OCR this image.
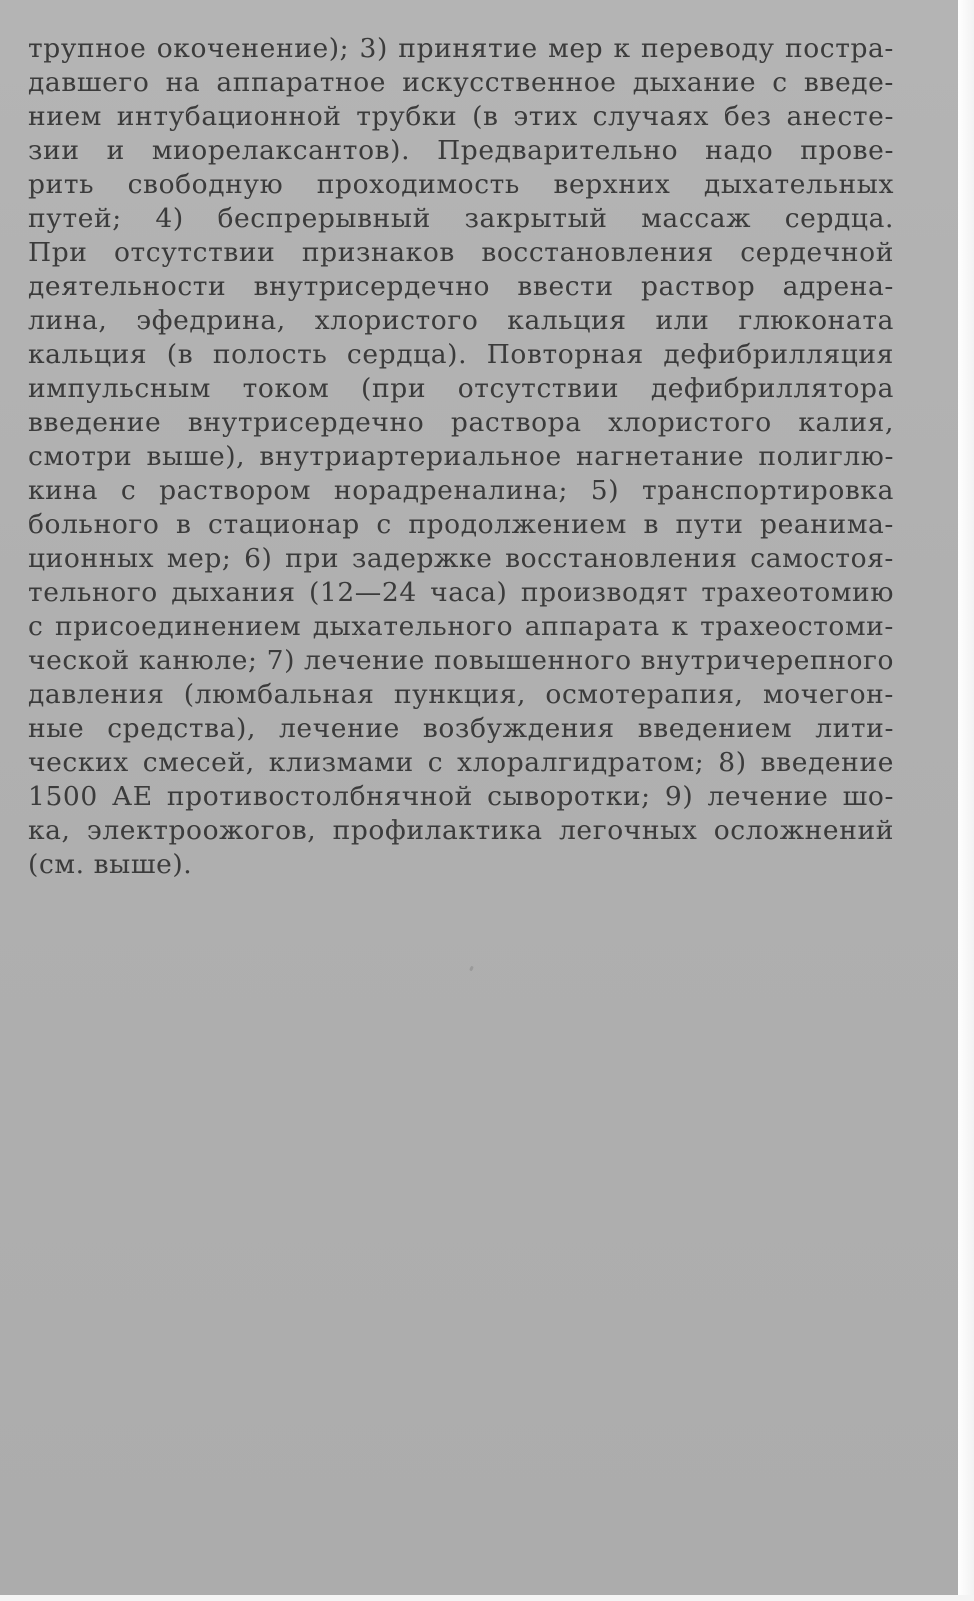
трупное окоченение); 3) принятие мер к переводу постра-
давшего на аппаратное искусственное дыхание с введе-
нием интубационной трубки (в этих случаях без анесте-
зии и миорелаксантов). Предварительно надо прове-
рить свободную проходимость верхних дыхательных
путей; 4) беспрерывный закрытый массаж сердца.
При отсутствии признаков восстановления сердечной
деятельности внутрисердечно ввести раствор адрена-
лина, эфедрина, хлористого кальция или глюконата
кальция (в полость сердца). Повторная дефибрилляция
импульсным током (при отсутствии дефибриллятора
введение внутрисердечно раствора хлористого калия,
смотри выше), внутриартериальное нагнетание полиглю-
кина с раствором норадреналина; 5) транспортировка
больного в стационар с продолжением в пути реанима-
ционных мер; 6) при задержке восстановления самостоя-
тельного дыхания (12—24 часа) производят трахеотомию
с присоединением дыхательного аппарата к трахеостоми-
ческой канюле; 7) лечение повышенного внутричерепного
давления (люмбальная пункция, осмотерапия, мочегон-
ные средства), лечение возбуждения введением лити-
ческих смесей, клизмами с хлоралгидратом; 8) введение
1500 АЕ противостолбнячной сыворотки; 9) лечение шо-
ка, электроожогов, профилактика легочных осложнений
(см. выше).
